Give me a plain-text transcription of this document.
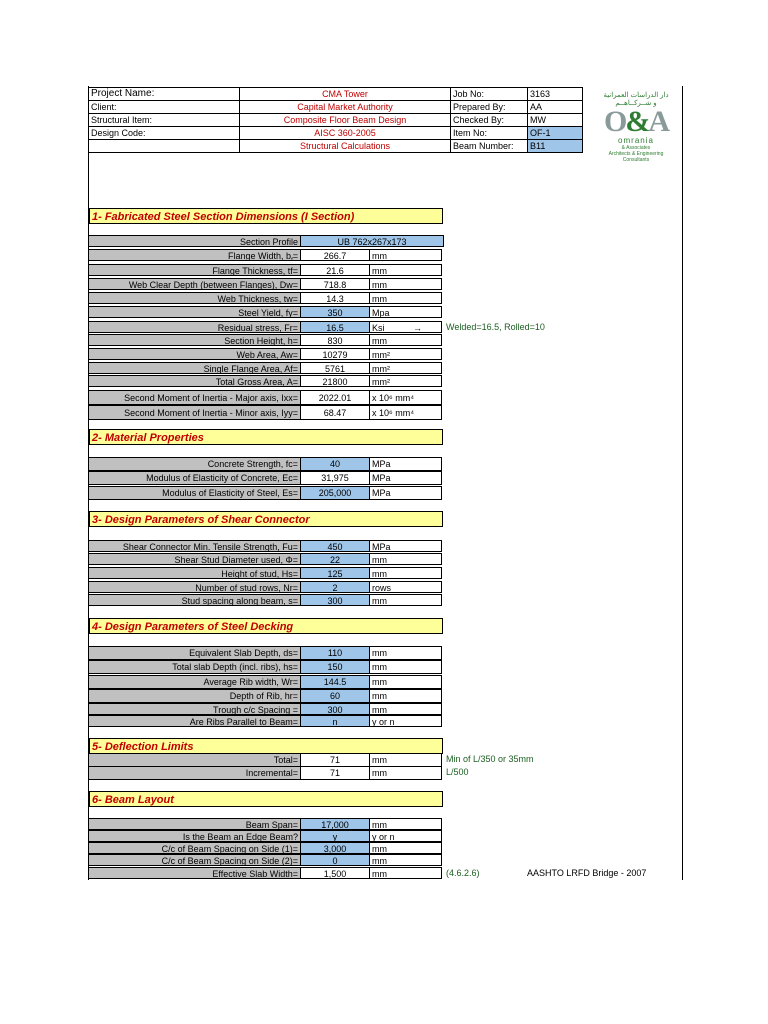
Project Name:	CMA Tower	Job No:	3163
Client:	Capital Market Authority	Prepared By:	AA
Structural Item:	Composite Floor Beam Design	Checked By:	MW
Design Code:	AISC 360-2005	Item No:	OF-1
	Structural Calculations	Beam Number:	B11
دار الدراسات العمرانية
و شــركــاهــم
O&A
omrania
& Associates
Architects & Engineering Consultants
1- Fabricated Steel Section Dimensions (I Section)
Section Profile	UB 762x267x173
Flange Width, $b_f=$	266.7	mm
Flange Thickness, tf=	21.6	mm
Web Clear Depth (between Flanges), Dw=	718.8	mm
Web Thickness, tw=	14.3	mm
Steel Yield, fy=	350	Mpa
Residual stress, Fr=	16.5	Ksi	→	Welded=16.5, Rolled=10
Section Height, h=	830	mm
Web Area, Aw=	10279	mm²
Single Flange Area, Af=	5761	mm²
Total Gross Area, A=	21800	mm²
Second Moment of Inertia - Major axis, Ixx=	2022.01	x 10⁶ mm⁴
Second Moment of Inertia - Minor axis, Iyy=	68.47	x 10⁶ mm⁴
2- Material Properties
Concrete Strength, fc=	40	MPa
Modulus of Elasticity of Concrete, Ec=	31,975	MPa
Modulus of Elasticity of Steel, Es=	205,000	MPa
3- Design Parameters of Shear Connector
Shear Connector Min. Tensile Strength, Fu=	450	MPa
Shear Stud Diameter used, Φ=	22	mm
Height of stud, Hs=	125	mm
Number of stud rows, Nr=	2	rows
Stud spacing along beam, s=	300	mm
4- Design Parameters of Steel Decking
Equivalent Slab Depth, ds=	110	mm
Total slab Depth (incl. ribs), hs=	150	mm
Average Rib width, Wr=	144.5	mm
Depth of Rib, hr=	60	mm
Trough c/c Spacing =	300	mm
Are Ribs Parallel to Beam=	n	y or n
5- Deflection Limits
Total=	71	mm	Min of L/350 or 35mm
Incremental=	71	mm	L/500
6- Beam Layout
Beam Span=	17,000	mm
Is the Beam an Edge Beam?	y	y or n
C/c of Beam Spacing on Side (1)=	3,000	mm
C/c of Beam Spacing on Side (2)=	0	mm
Effective Slab Width=	1,500	mm	(4.6.2.6)	AASHTO LRFD Bridge - 2007
